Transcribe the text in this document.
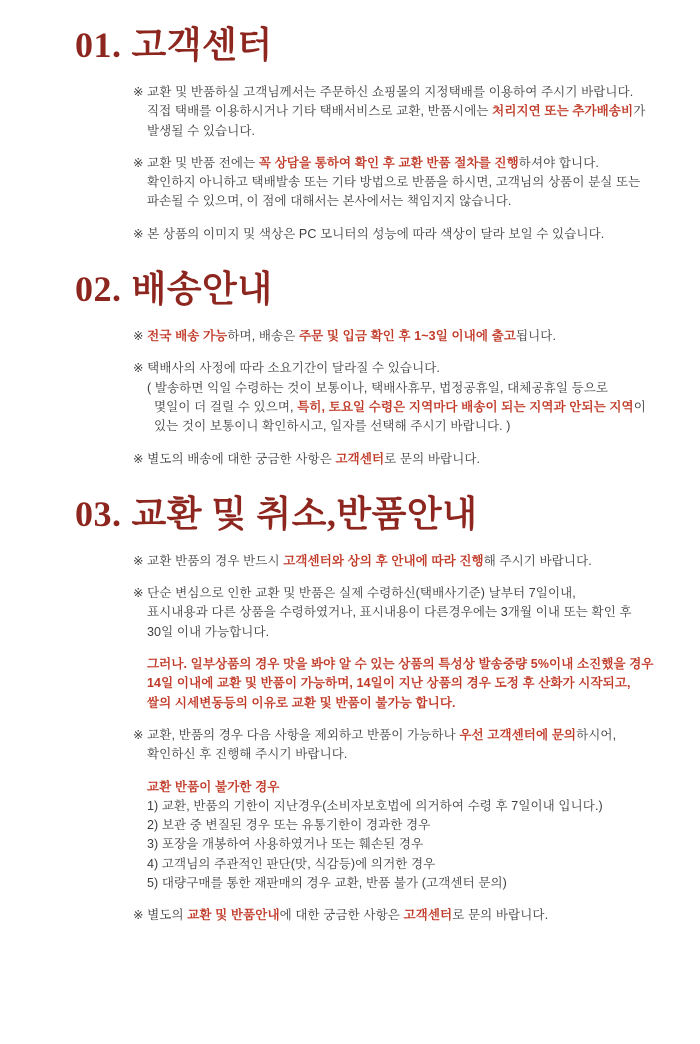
01. 고객센터

※ 교환 및 반품하실 고객님께서는 주문하신 쇼핑몰의 지정택배를 이용하여 주시기 바랍니다.
직접 택배를 이용하시거나 기타 택배서비스로 교환, 반품시에는 처리지연 또는 추가배송비가
발생될 수 있습니다.

※ 교환 및 반품 전에는 꼭 상담을 통하여 확인 후 교환 반품 절차를 진행하셔야 합니다.
확인하지 아니하고 택배발송 또는 기타 방법으로 반품을 하시면, 고객님의 상품이 분실 또는
파손될 수 있으며, 이 점에 대해서는 본사에서는 책임지지 않습니다.

※ 본 상품의 이미지 및 색상은 PC 모니터의 성능에 따라 색상이 달라 보일 수 있습니다.

02. 배송안내

※ 전국 배송 가능하며, 배송은 주문 및 입금 확인 후 1~3일 이내에 출고됩니다.

※ 택배사의 사정에 따라 소요기간이 달라질 수 있습니다.
( 발송하면 익일 수령하는 것이 보통이나, 택배사휴무, 법정공휴일, 대체공휴일 등으로
몇일이 더 걸릴 수 있으며, 특히, 토요일 수령은 지역마다 배송이 되는 지역과 안되는 지역이
있는 것이 보통이니 확인하시고, 일자를 선택해 주시기 바랍니다. )

※ 별도의 배송에 대한 궁금한 사항은 고객센터로 문의 바랍니다.

03. 교환 및 취소,반품안내

※ 교환 반품의 경우 반드시 고객센터와 상의 후 안내에 따라 진행해 주시기 바랍니다.

※ 단순 변심으로 인한 교환 및 반품은 실제 수령하신(택배사기준) 날부터 7일이내,
표시내용과 다른 상품을 수령하였거나, 표시내용이 다른경우에는 3개월 이내 또는 확인 후
30일 이내 가능합니다.

그러나. 일부상품의 경우 맛을 봐야 알 수 있는 상품의 특성상 발송중량 5%이내 소진했을 경우
14일 이내에 교환 및 반품이 가능하며, 14일이 지난 상품의 경우 도정 후 산화가 시작되고,
쌀의 시세변동등의 이유로 교환 및 반품이 불가능 합니다.

※ 교환, 반품의 경우 다음 사항을 제외하고 반품이 가능하나 우선 고객센터에 문의하시어,
확인하신 후 진행해 주시기 바랍니다.

교환 반품이 불가한 경우
1) 교환, 반품의 기한이 지난경우(소비자보호법에 의거하여 수령 후 7일이내 입니다.)
2) 보관 중 변질된 경우 또는 유통기한이 경과한 경우
3) 포장을 개봉하여 사용하였거나 또는 훼손된 경우
4) 고객님의 주관적인 판단(맛, 식감등)에 의거한 경우
5) 대량구매를 통한 재판매의 경우 교환, 반품 불가 (고객센터 문의)

※ 별도의 교환 및 반품안내에 대한 궁금한 사항은 고객센터로 문의 바랍니다.
